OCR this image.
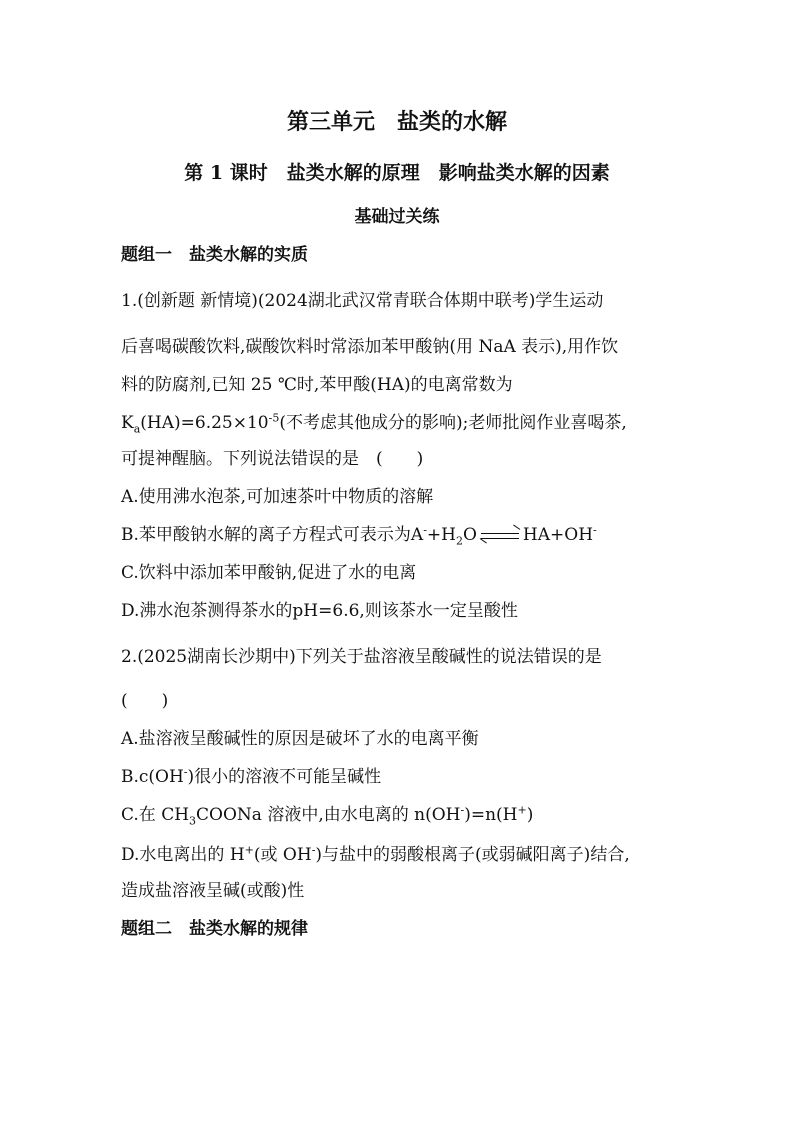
第三单元　盐类的水解
第 1 课时　盐类水解的原理　影响盐类水解的因素
基础过关练
题组一　盐类水解的实质
1.(创新题 新情境)(2024湖北武汉常青联合体期中联考)学生运动
后喜喝碳酸饮料,碳酸饮料时常添加苯甲酸钠(用 NaA 表示),用作饮
料的防腐剂,已知 25 ℃时,苯甲酸(HA)的电离常数为
$K_a(HA)=6.25\times 10^{-5}$(不考虑其他成分的影响);老师批阅作业喜喝茶,
可提神醒脑。下列说法错误的是　(　　)
A.使用沸水泡茶,可加速茶叶中物质的溶解
B.苯甲酸钠水解的离子方程式可表示为$A^-+H_2O$	HA+OH-
C.饮料中添加苯甲酸钠,促进了水的电离
D.沸水泡茶测得茶水的pH=6.6,则该茶水一定呈酸性
2.(2025湖南长沙期中)下列关于盐溶液呈酸碱性的说法错误的是
(　　)
A.盐溶液呈酸碱性的原因是破坏了水的电离平衡
B.c(OH-)很小的溶液不可能呈碱性
C.在 $CH_3COONa$ 溶液中,由水电离的 n(OH-)=n(H+)
D.水电离出的 H+(或 OH-)与盐中的弱酸根离子(或弱碱阳离子)结合,
造成盐溶液呈碱(或酸)性
题组二　盐类水解的规律
